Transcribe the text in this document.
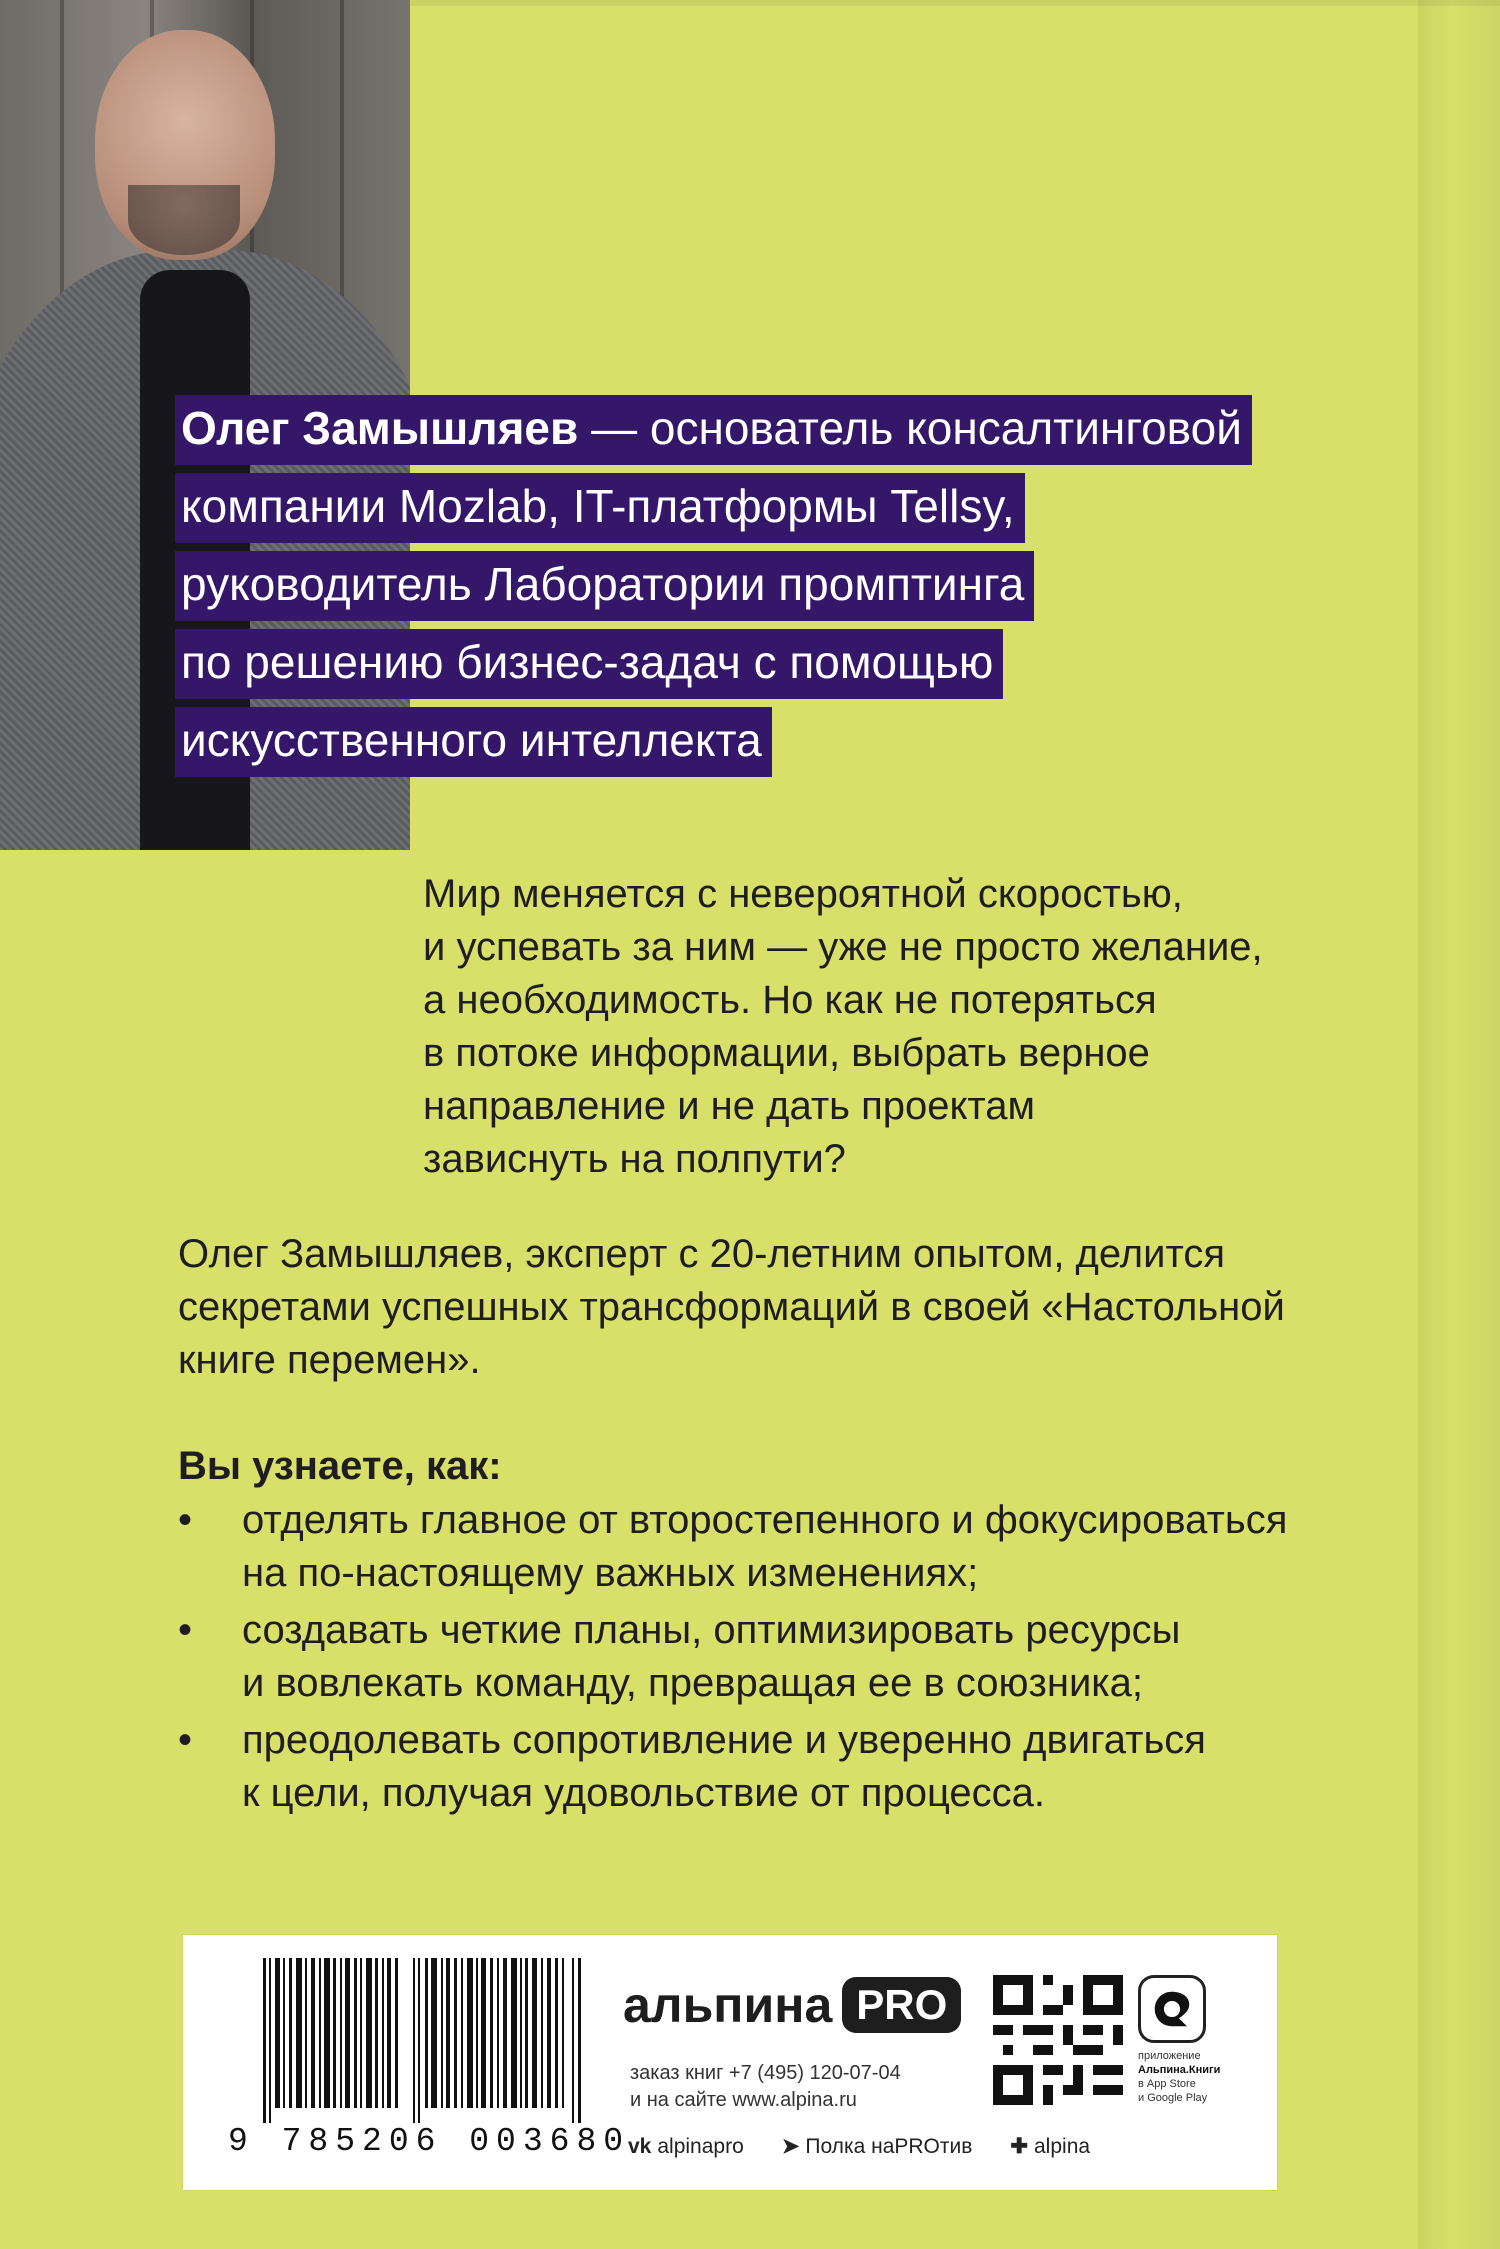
Олег Замышляев — основатель консалтинговой
компании Mozlab, IT-платформы Tellsy,
руководитель Лаборатории промптинга
по решению бизнес-задач с помощью
искусственного интеллекта
Мир меняется с невероятной скоростью,
и успевать за ним — уже не просто желание,
а необходимость. Но как не потеряться
в потоке информации, выбрать верное
направление и не дать проектам
зависнуть на полпути?
Олег Замышляев, эксперт с 20-летним опытом, делится
секретами успешных трансформаций в своей «Настольной
книге перемен».
Вы узнаете, как:
• отделять главное от второстепенного и фокусироваться
на по-настоящему важных изменениях;
• создавать четкие планы, оптимизировать ресурсы
и вовлекать команду, превращая ее в союзника;
• преодолевать сопротивление и уверенно двигаться
к цели, получая удовольствие от процесса.
9 785206 003680
альпина PRO
заказ книг +7 (495) 120-07-04
и на сайте www.alpina.ru
vk alpinapro ➤ Полка наPROтив ✚ alpina
приложение
Альпина.Книги
в App Store
и Google Play
